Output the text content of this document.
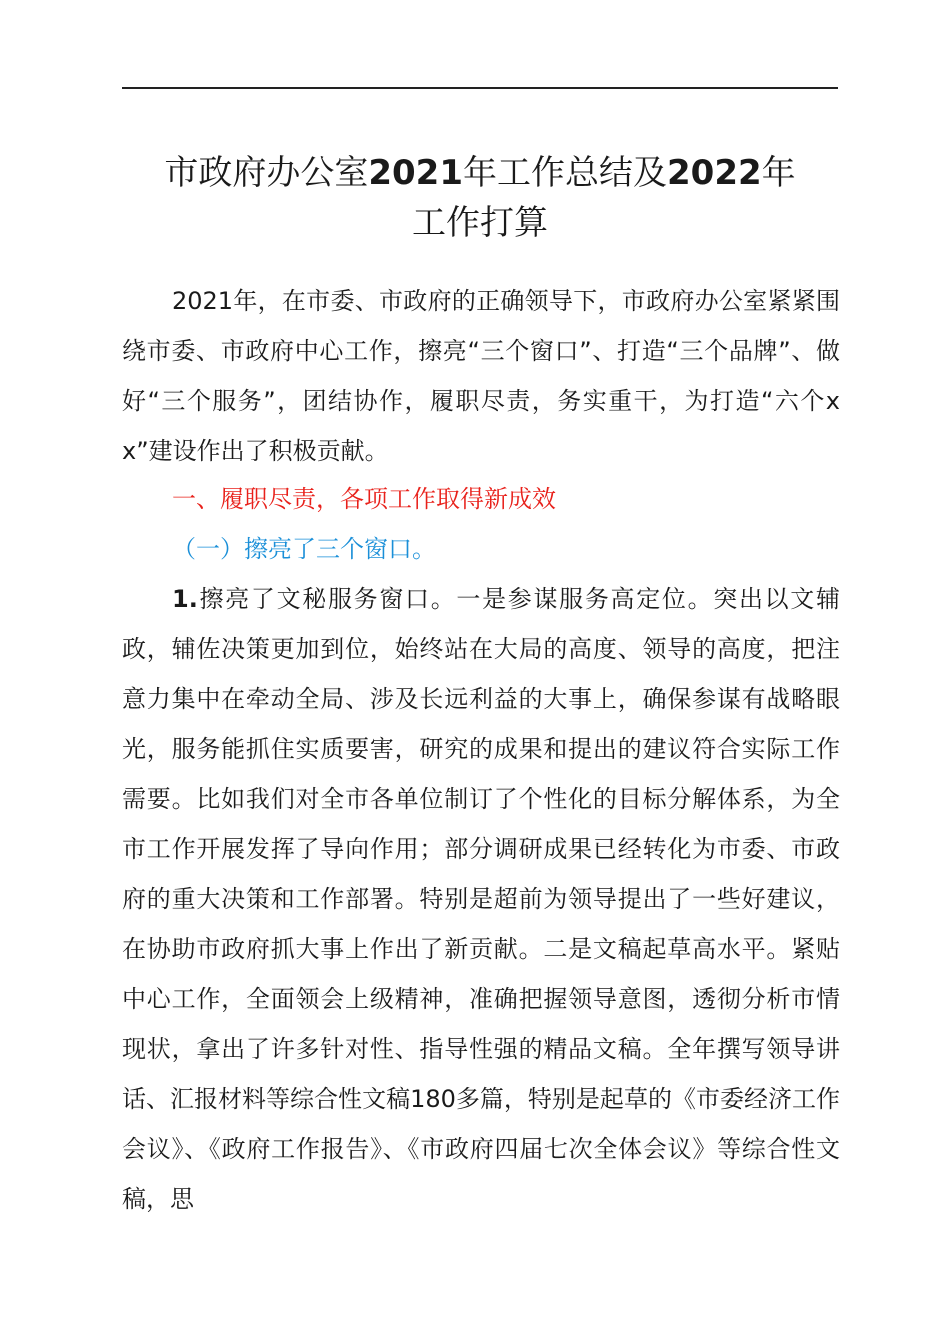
市政府办公室2021年工作总结及2022年
工作打算

2021年，在市委、市政府的正确领导下，市政府办公室紧紧围绕市委、市政府中心工作，擦亮“三个窗口”、打造“三个品牌”、做好“三个服务”，团结协作，履职尽责，务实重干，为打造“六个xx”建设作出了积极贡献。

一、履职尽责，各项工作取得新成效

（一）擦亮了三个窗口。

1.擦亮了文秘服务窗口。一是参谋服务高定位。突出以文辅政，辅佐决策更加到位，始终站在大局的高度、领导的高度，把注意力集中在牵动全局、涉及长远利益的大事上，确保参谋有战略眼光，服务能抓住实质要害，研究的成果和提出的建议符合实际工作需要。比如我们对全市各单位制订了个性化的目标分解体系，为全市工作开展发挥了导向作用；部分调研成果已经转化为市委、市政府的重大决策和工作部署。特别是超前为领导提出了一些好建议，在协助市政府抓大事上作出了新贡献。二是文稿起草高水平。紧贴中心工作，全面领会上级精神，准确把握领导意图，透彻分析市情现状，拿出了许多针对性、指导性强的精品文稿。全年撰写领导讲话、汇报材料等综合性文稿180多篇，特别是起草的《市委经济工作会议》、《政府工作报告》、《市政府四届七次全体会议》等综合性文稿，思
